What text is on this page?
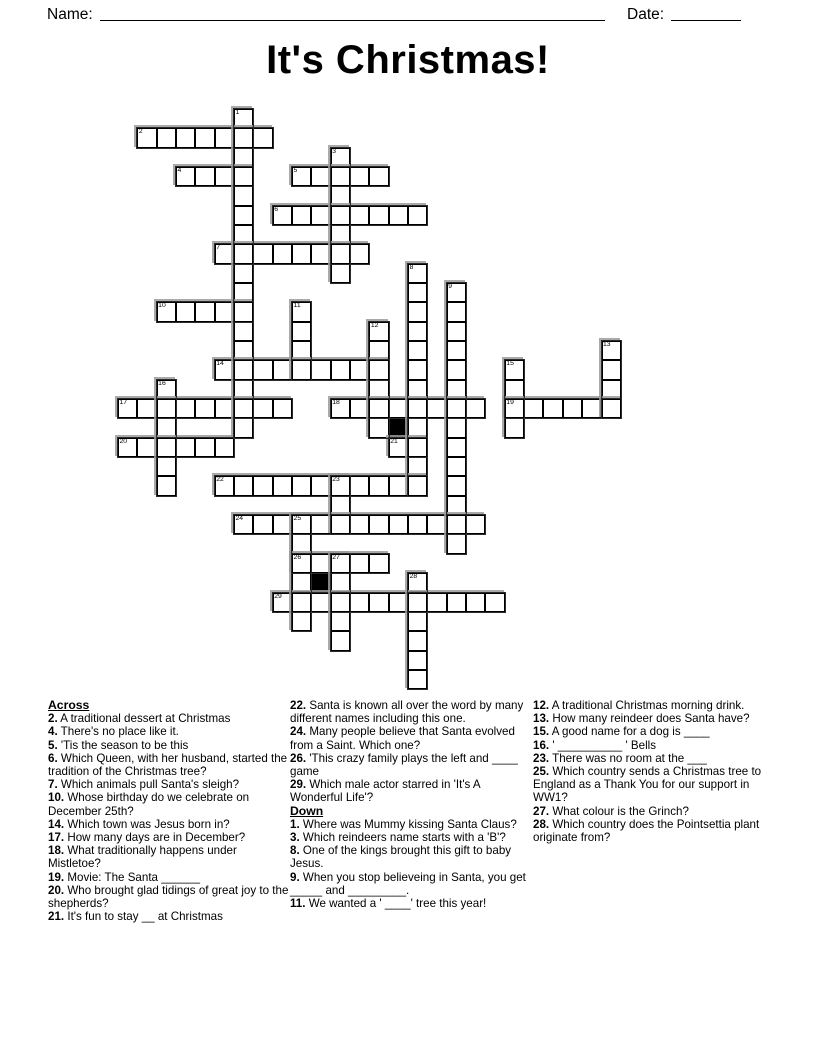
Name:	Date:
It's Christmas!
2
4	5
6
7
10
14
17	18	19
20	21
22
24
26
29
1
3
8
9
11
12
13
15
16
23
25
27
28
Across
2. A traditional dessert at Christmas
4. There's no place like it.
5. 'Tis the season to be this
6. Which Queen, with her husband, started the tradition of the Christmas tree?
7. Which animals pull Santa's sleigh?
10. Whose birthday do we celebrate on December 25th?
14. Which town was Jesus born in?
17. How many days are in December?
18. What traditionally happens under Mistletoe?
19. Movie: The Santa ______
20. Who brought glad tidings of great joy to the shepherds?
21. It's fun to stay __ at Christmas
22. Santa is known all over the word by many different names including this one.
24. Many people believe that Santa evolved from a Saint. Which one?
26. 'This crazy family plays the left and ____ game
29. Which male actor starred in 'It's A Wonderful Life'?
Down
1. Where was Mummy kissing Santa Claus?
3. Which reindeers name starts with a 'B'?
8. One of the kings brought this gift to baby Jesus.
9. When you stop believeing in Santa, you get _____ and _________.
11. We wanted a ' ____' tree this year!
12. A traditional Christmas morning drink.
13. How many reindeer does Santa have?
15. A good name for a dog is ____
16. ' __________ ' Bells
23. There was no room at the ___
25. Which country sends a Christmas tree to England as a Thank You for our support in WW1?
27. What colour is the Grinch?
28. Which country does the Pointsettia plant originate from?
